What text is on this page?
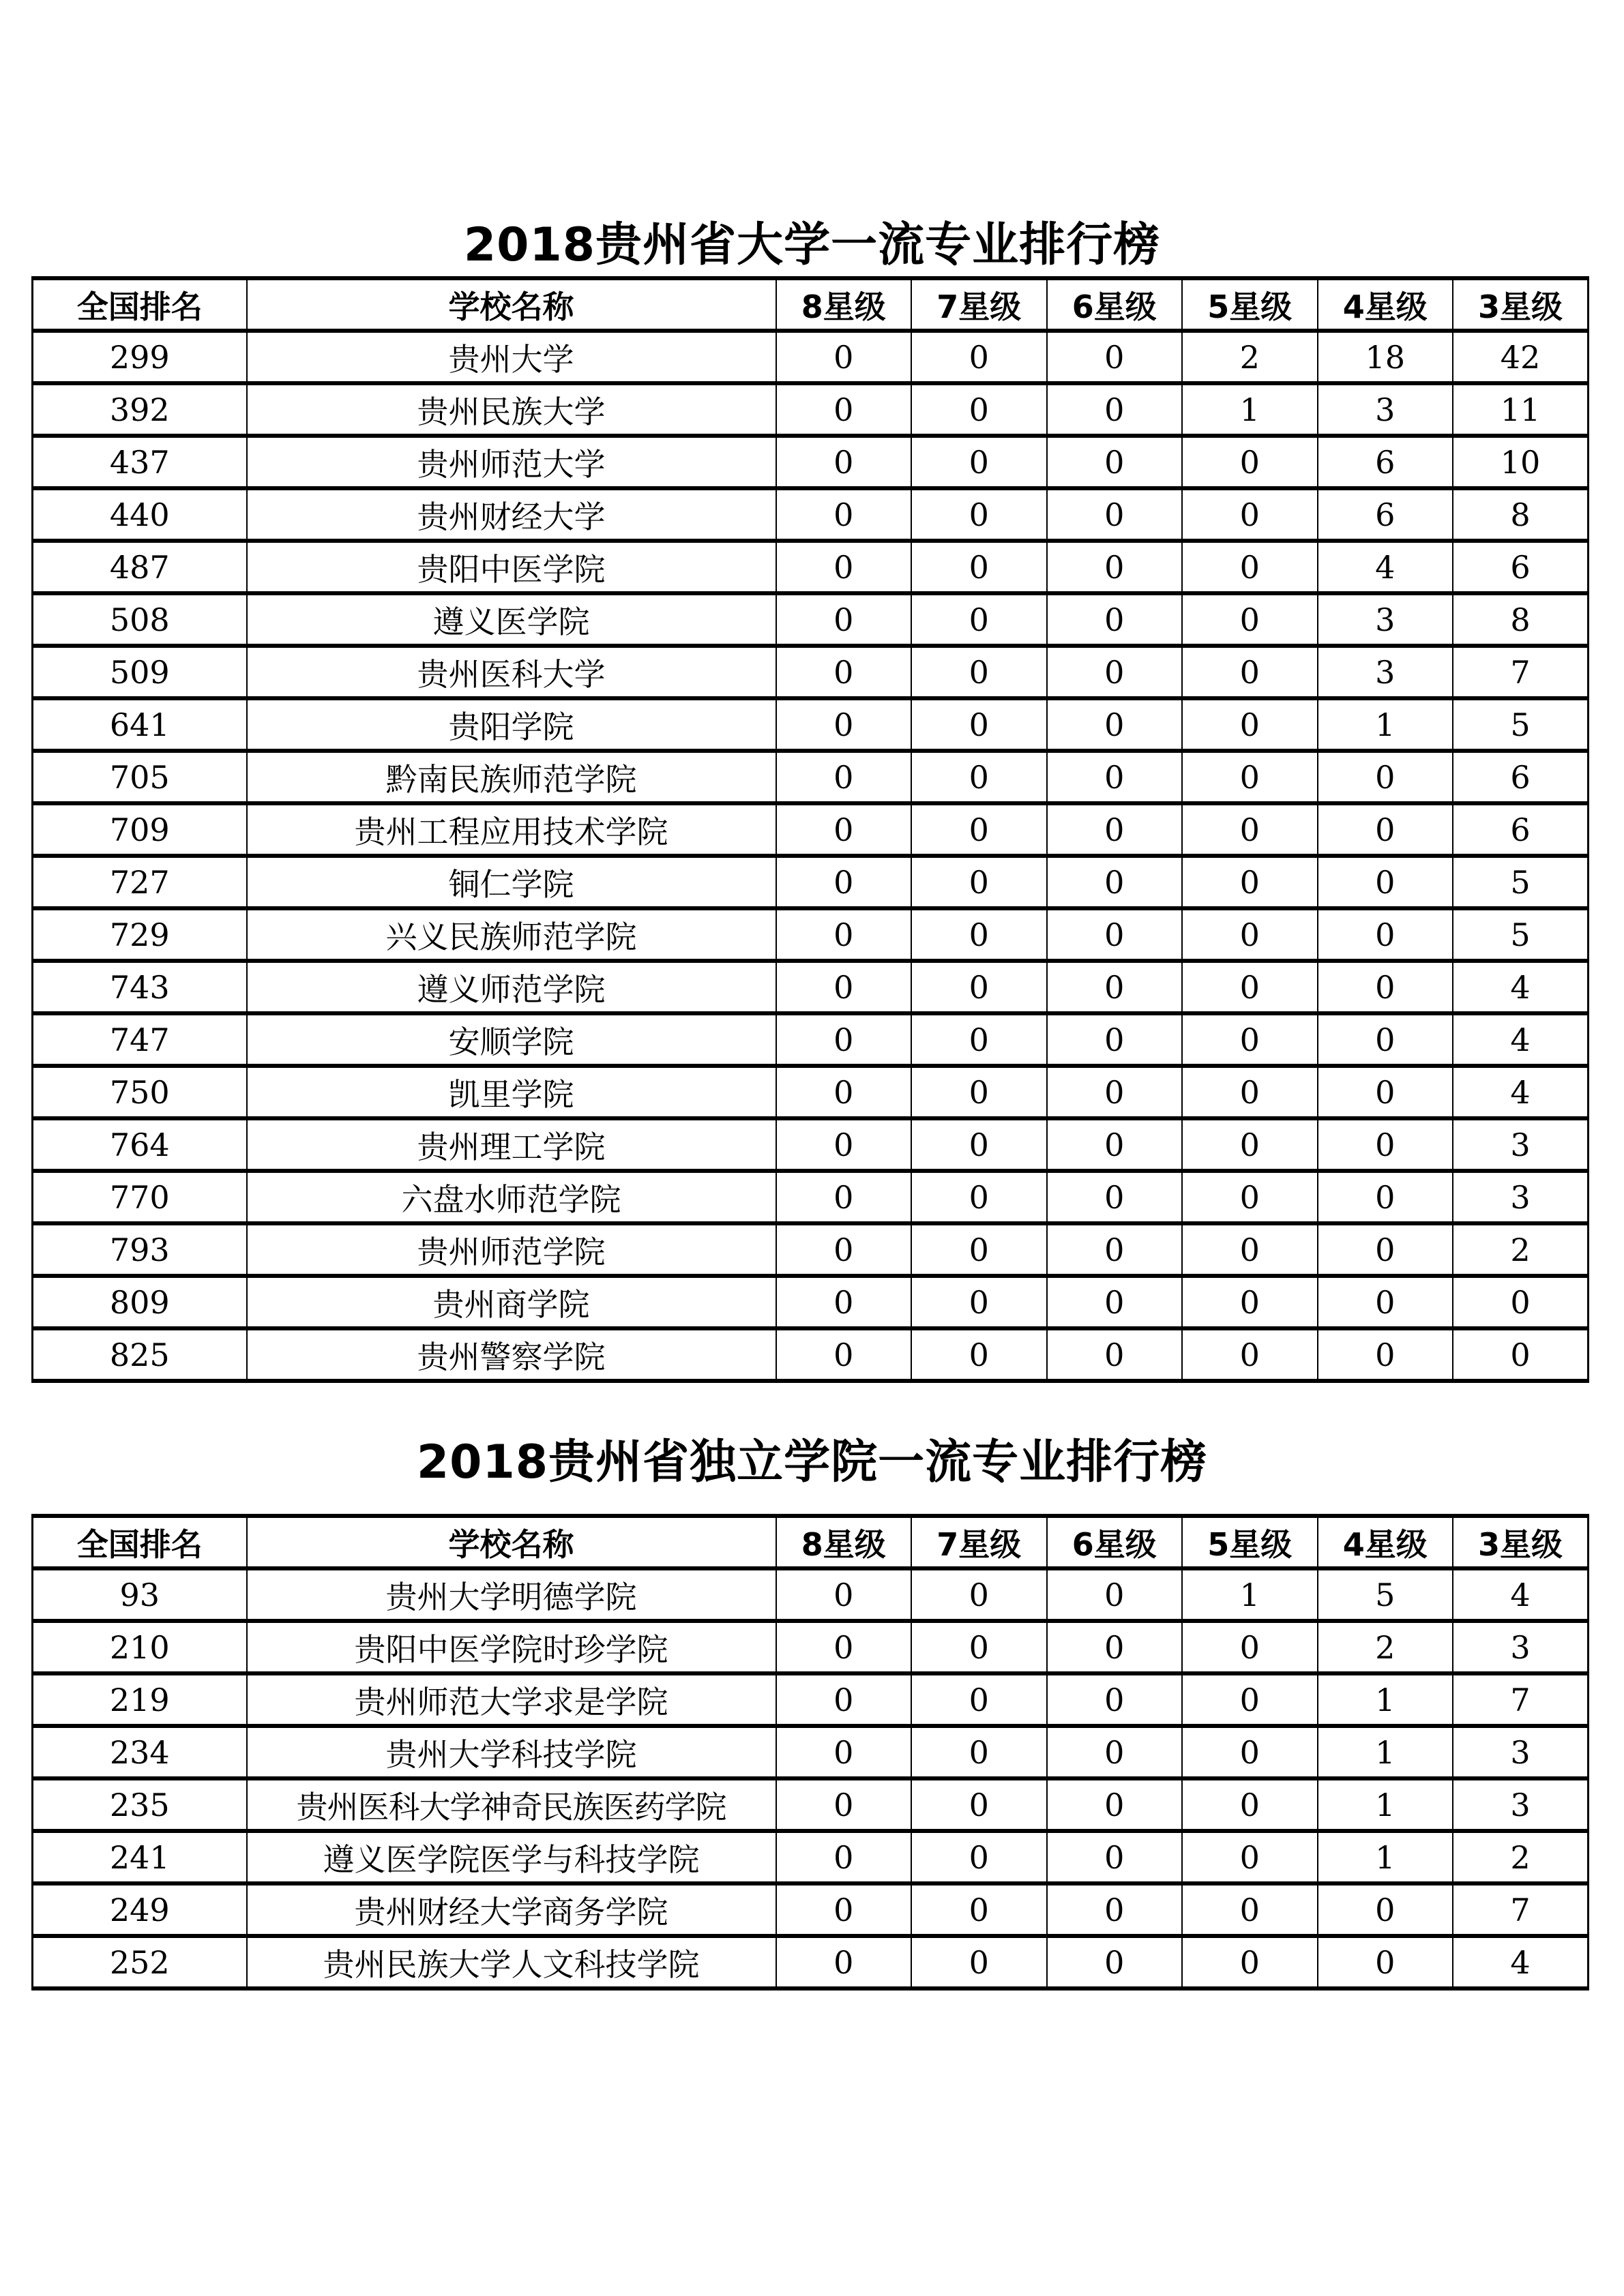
2018贵州省大学一流专业排行榜
全国排名	学校名称	8星级	7星级	6星级	5星级	4星级	3星级
299	贵州大学	0	0	0	2	18	42
392	贵州民族大学	0	0	0	1	3	11
437	贵州师范大学	0	0	0	0	6	10
440	贵州财经大学	0	0	0	0	6	8
487	贵阳中医学院	0	0	0	0	4	6
508	遵义医学院	0	0	0	0	3	8
509	贵州医科大学	0	0	0	0	3	7
641	贵阳学院	0	0	0	0	1	5
705	黔南民族师范学院	0	0	0	0	0	6
709	贵州工程应用技术学院	0	0	0	0	0	6
727	铜仁学院	0	0	0	0	0	5
729	兴义民族师范学院	0	0	0	0	0	5
743	遵义师范学院	0	0	0	0	0	4
747	安顺学院	0	0	0	0	0	4
750	凯里学院	0	0	0	0	0	4
764	贵州理工学院	0	0	0	0	0	3
770	六盘水师范学院	0	0	0	0	0	3
793	贵州师范学院	0	0	0	0	0	2
809	贵州商学院	0	0	0	0	0	0
825	贵州警察学院	0	0	0	0	0	0
2018贵州省独立学院一流专业排行榜
全国排名	学校名称	8星级	7星级	6星级	5星级	4星级	3星级
93	贵州大学明德学院	0	0	0	1	5	4
210	贵阳中医学院时珍学院	0	0	0	0	2	3
219	贵州师范大学求是学院	0	0	0	0	1	7
234	贵州大学科技学院	0	0	0	0	1	3
235	贵州医科大学神奇民族医药学院	0	0	0	0	1	3
241	遵义医学院医学与科技学院	0	0	0	0	1	2
249	贵州财经大学商务学院	0	0	0	0	0	7
252	贵州民族大学人文科技学院	0	0	0	0	0	4
